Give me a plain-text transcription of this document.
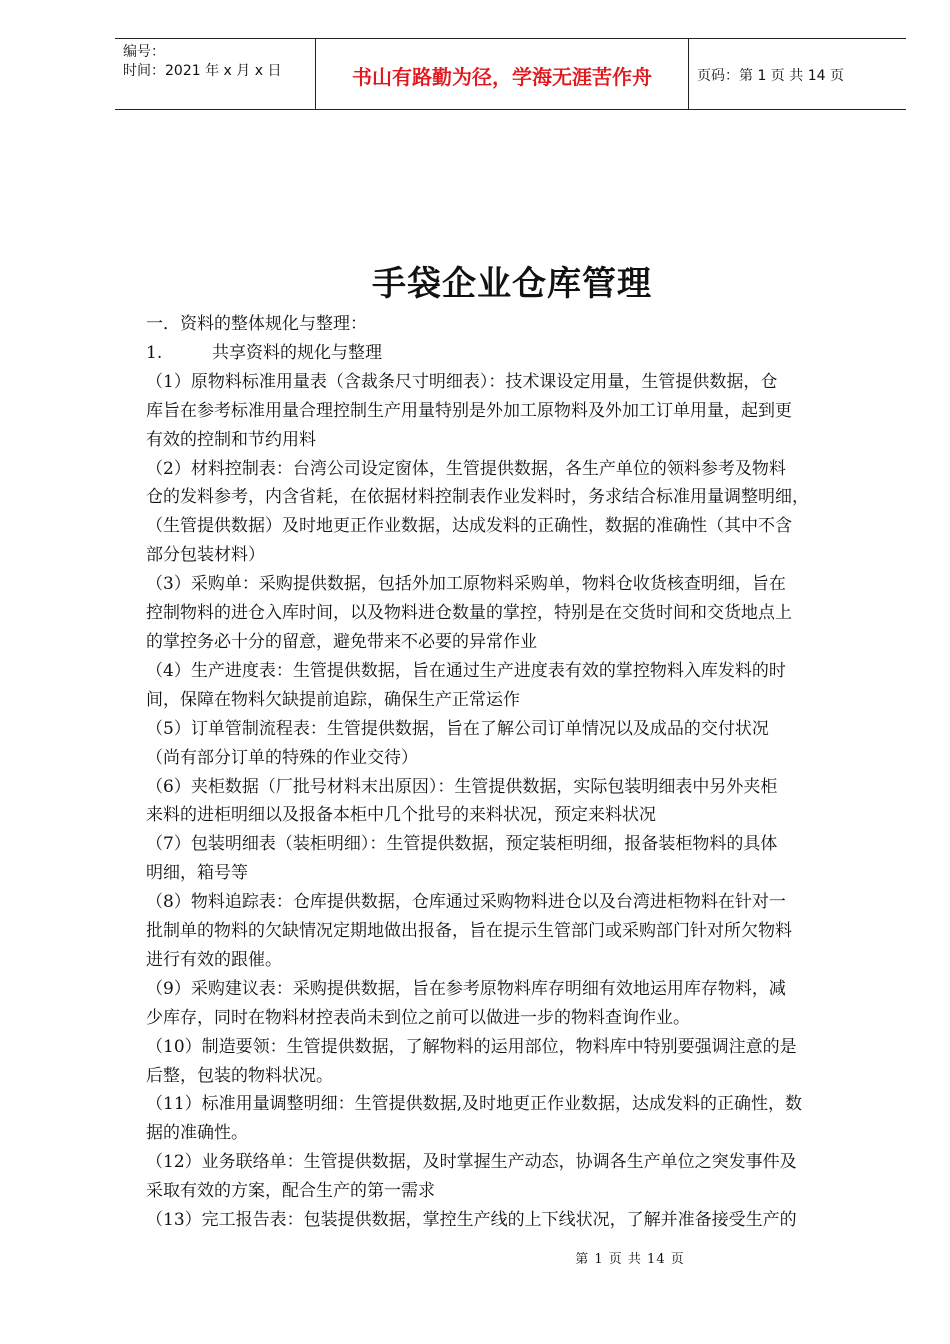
编号：
时间：2021 年 x 月 x 日	书山有路勤为径，学海无涯苦作舟	页码：第 1 页 共 14 页
手袋企业仓库管理

一．资料的整体规化与整理：

1.	共享资料的规化与整理

（1）原物料标准用量表（含裁条尺寸明细表）：技术课设定用量，生管提供数据，仓

库旨在参考标准用量合理控制生产用量特别是外加工原物料及外加工订单用量，起到更

有效的控制和节约用料

（2）材料控制表：台湾公司设定窗体，生管提供数据，各生产单位的领料参考及物料

仓的发料参考，内含省耗，在依据材料控制表作业发料时，务求结合标准用量调整明细，

（生管提供数据）及时地更正作业数据，达成发料的正确性，数据的准确性（其中不含

部分包装材料）

（3）采购单：采购提供数据，包括外加工原物料采购单，物料仓收货核查明细，旨在

控制物料的进仓入库时间，以及物料进仓数量的掌控，特别是在交货时间和交货地点上

的掌控务必十分的留意，避免带来不必要的异常作业

（4）生产进度表：生管提供数据，旨在通过生产进度表有效的掌控物料入库发料的时

间，保障在物料欠缺提前追踪，确保生产正常运作

（5）订单管制流程表：生管提供数据，旨在了解公司订单情况以及成品的交付状况

（尚有部分订单的特殊的作业交待）

（6）夹柜数据（厂批号材料末出原因）：生管提供数据，实际包装明细表中另外夹柜

来料的进柜明细以及报备本柜中几个批号的来料状况，预定来料状况

（7）包装明细表（装柜明细）：生管提供数据，预定装柜明细，报备装柜物料的具体

明细，箱号等

（8）物料追踪表：仓库提供数据，仓库通过采购物料进仓以及台湾进柜物料在针对一

批制单的物料的欠缺情况定期地做出报备，旨在提示生管部门或采购部门针对所欠物料

进行有效的跟催。

（9）采购建议表：采购提供数据，旨在参考原物料库存明细有效地运用库存物料，减

少库存，同时在物料材控表尚未到位之前可以做进一步的物料查询作业。

（10）制造要领：生管提供数据，了解物料的运用部位，物料库中特别要强调注意的是

后整，包装的物料状况。

（11）标准用量调整明细：生管提供数据,及时地更正作业数据，达成发料的正确性，数

据的准确性。

（12）业务联络单：生管提供数据，及时掌握生产动态，协调各生产单位之突发事件及

采取有效的方案，配合生产的第一需求

（13）完工报告表：包装提供数据，掌控生产线的上下线状况，了解并准备接受生产的

第 1 页 共 14 页
